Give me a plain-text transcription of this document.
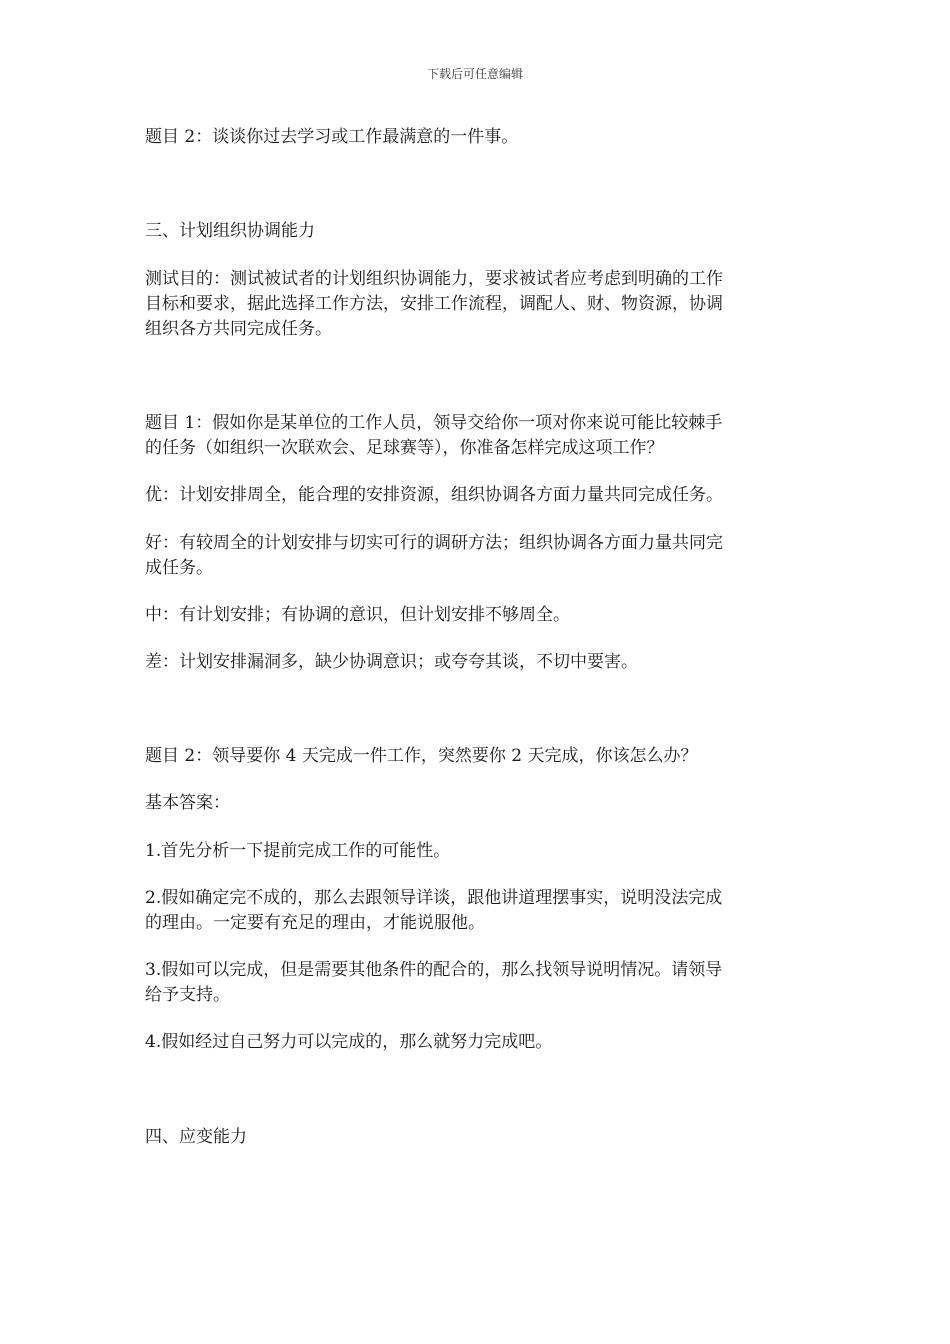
下载后可任意编辑
题目 2：谈谈你过去学习或工作最满意的一件事。
三、计划组织协调能力
测试目的：测试被试者的计划组织协调能力，要求被试者应考虑到明确的工作
目标和要求，据此选择工作方法，安排工作流程，调配人、财、物资源，协调
组织各方共同完成任务。
题目 1：假如你是某单位的工作人员，领导交给你一项对你来说可能比较棘手
的任务（如组织一次联欢会、足球赛等），你准备怎样完成这项工作？
优：计划安排周全，能合理的安排资源，组织协调各方面力量共同完成任务。
好：有较周全的计划安排与切实可行的调研方法；组织协调各方面力量共同完
成任务。
中：有计划安排；有协调的意识，但计划安排不够周全。
差：计划安排漏洞多，缺少协调意识；或夸夸其谈，不切中要害。
题目 2：领导要你 4 天完成一件工作，突然要你 2 天完成，你该怎么办？
基本答案：
1.首先分析一下提前完成工作的可能性。
2.假如确定完不成的，那么去跟领导详谈，跟他讲道理摆事实，说明没法完成
的理由。一定要有充足的理由，才能说服他。
3.假如可以完成，但是需要其他条件的配合的，那么找领导说明情况。请领导
给予支持。
4.假如经过自己努力可以完成的，那么就努力完成吧。
四、应变能力
